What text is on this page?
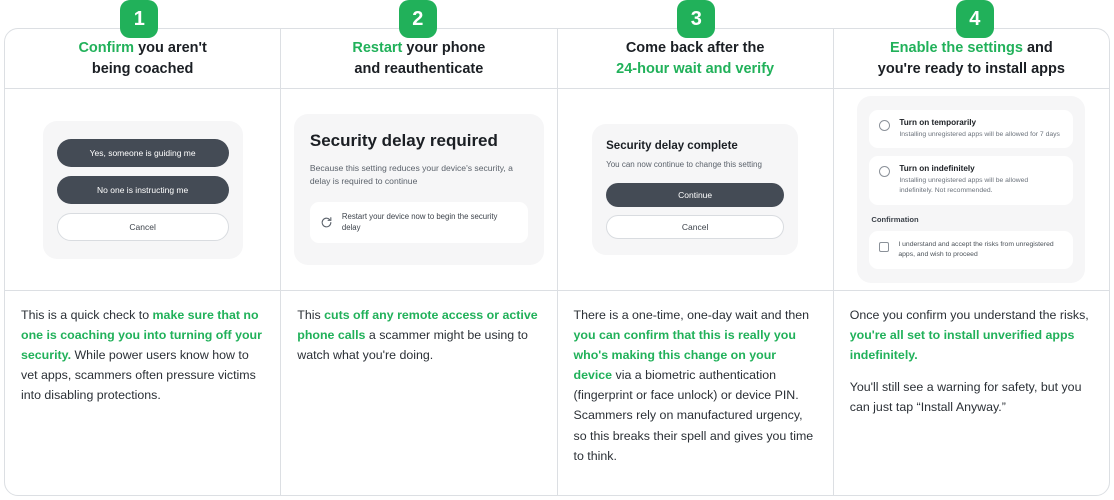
1	2	3	4
Confirm you aren't
being coached
Yes, someone is guiding me
No one is instructing me
Cancel

This is a quick check to make sure that no one is coaching you into turning off your security. While power users know how to vet apps, scammers often pressure victims into disabling protections.

Restart your phone
and reauthenticate
Security delay required
Because this setting reduces your device's security, a delay is required to continue
Restart your device now to begin the security delay

This cuts off any remote access or active phone calls a scammer might be using to watch what you're doing.

Come back after the
24-hour wait and verify
Security delay complete
You can now continue to change this setting
Continue
Cancel

There is a one-time, one-day wait and then you can confirm that this is really you who's making this change on your device via a biometric authentication (fingerprint or face unlock) or device PIN. Scammers rely on manufactured urgency, so this breaks their spell and gives you time to think.

Enable the settings and
you're ready to install apps
Turn on temporarily
Installing unregistered apps will be allowed for 7 days
Turn on indefinitely
Installing unregistered apps will be allowed indefinitely. Not recommended.
Confirmation
I understand and accept the risks from unregistered apps, and wish to proceed

Once you confirm you understand the risks, you're all set to install unverified apps indefinitely.

You'll still see a warning for safety, but you can just tap “Install Anyway.”
